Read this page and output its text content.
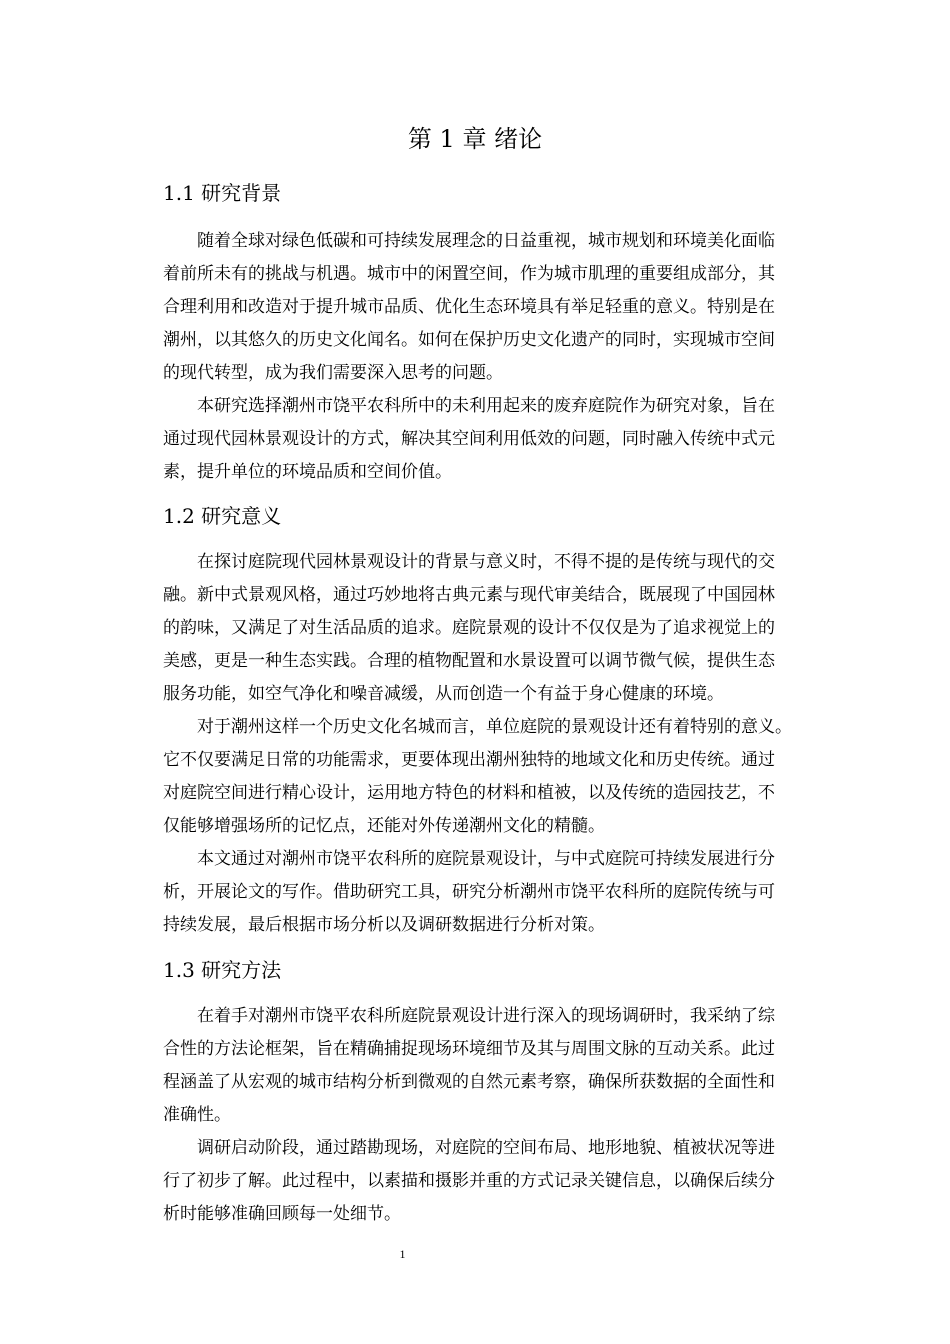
第 1 章 绪论
1.1 研究背景

　　随着全球对绿色低碳和可持续发展理念的日益重视，城市规划和环境美化面临
着前所未有的挑战与机遇。城市中的闲置空间，作为城市肌理的重要组成部分，其
合理利用和改造对于提升城市品质、优化生态环境具有举足轻重的意义。特别是在
潮州，以其悠久的历史文化闻名。如何在保护历史文化遗产的同时，实现城市空间
的现代转型，成为我们需要深入思考的问题。

　　本研究选择潮州市饶平农科所中的未利用起来的废弃庭院作为研究对象，旨在
通过现代园林景观设计的方式，解决其空间利用低效的问题，同时融入传统中式元
素，提升单位的环境品质和空间价值。

1.2 研究意义

　　在探讨庭院现代园林景观设计的背景与意义时，不得不提的是传统与现代的交
融。新中式景观风格，通过巧妙地将古典元素与现代审美结合，既展现了中国园林
的韵味，又满足了对生活品质的追求。庭院景观的设计不仅仅是为了追求视觉上的
美感，更是一种生态实践。合理的植物配置和水景设置可以调节微气候，提供生态
服务功能，如空气净化和噪音减缓，从而创造一个有益于身心健康的环境。

　　对于潮州这样一个历史文化名城而言，单位庭院的景观设计还有着特别的意义。
它不仅要满足日常的功能需求，更要体现出潮州独特的地域文化和历史传统。通过
对庭院空间进行精心设计，运用地方特色的材料和植被，以及传统的造园技艺，不
仅能够增强场所的记忆点，还能对外传递潮州文化的精髓。

　　本文通过对潮州市饶平农科所的庭院景观设计，与中式庭院可持续发展进行分
析，开展论文的写作。借助研究工具，研究分析潮州市饶平农科所的庭院传统与可
持续发展，最后根据市场分析以及调研数据进行分析对策。

1.3 研究方法

　　在着手对潮州市饶平农科所庭院景观设计进行深入的现场调研时，我采纳了综
合性的方法论框架，旨在精确捕捉现场环境细节及其与周围文脉的互动关系。此过
程涵盖了从宏观的城市结构分析到微观的自然元素考察，确保所获数据的全面性和
准确性。

　　调研启动阶段，通过踏勘现场，对庭院的空间布局、地形地貌、植被状况等进
行了初步了解。此过程中，以素描和摄影并重的方式记录关键信息，以确保后续分
析时能够准确回顾每一处细节。

1
